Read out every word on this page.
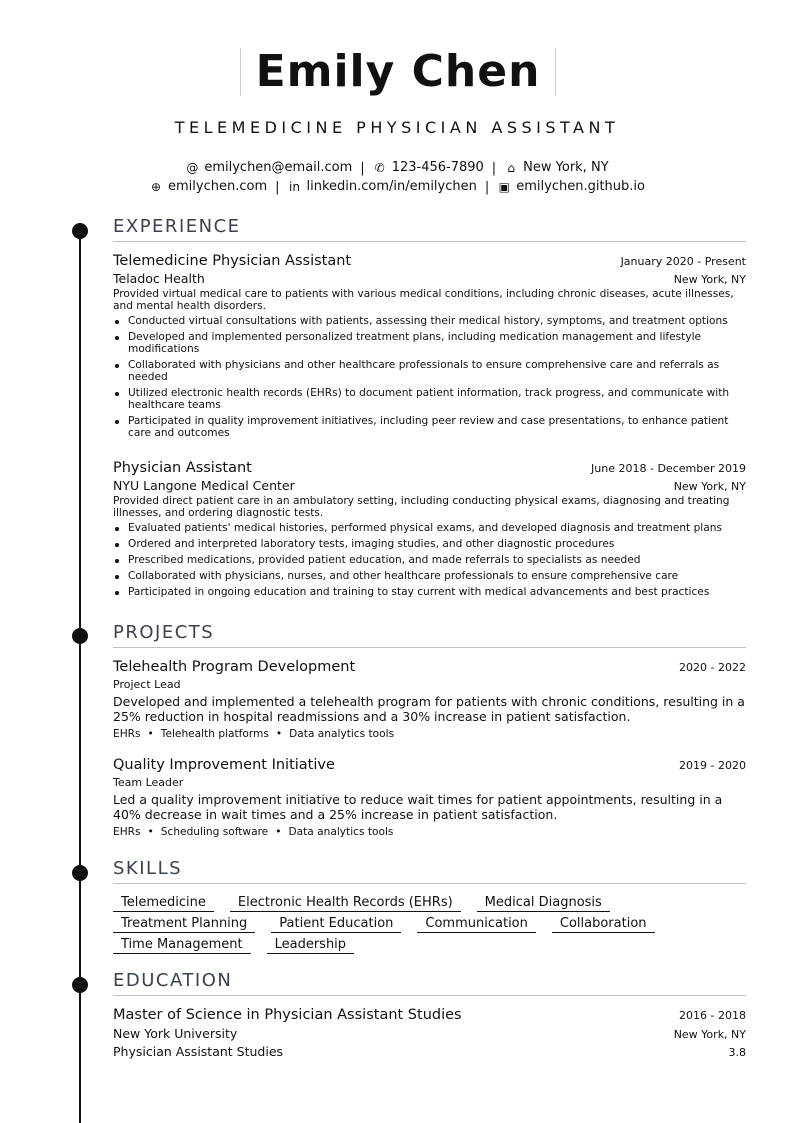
Emily Chen
TELEMEDICINE PHYSICIAN ASSISTANT
@ emilychen@email.com | ✆ 123-456-7890 | ⌂ New York, NY
⊕ emilychen.com | in linkedin.com/in/emilychen | ▣ emilychen.github.io
EXPERIENCE
Telemedicine Physician Assistant	January 2020 - Present
Teladoc Health	New York, NY
Provided virtual medical care to patients with various medical conditions, including chronic diseases, acute illnesses, and mental health disorders.
Conducted virtual consultations with patients, assessing their medical history, symptoms, and treatment options
Developed and implemented personalized treatment plans, including medication management and lifestyle modifications
Collaborated with physicians and other healthcare professionals to ensure comprehensive care and referrals as needed
Utilized electronic health records (EHRs) to document patient information, track progress, and communicate with healthcare teams
Participated in quality improvement initiatives, including peer review and case presentations, to enhance patient care and outcomes
Physician Assistant	June 2018 - December 2019
NYU Langone Medical Center	New York, NY
Provided direct patient care in an ambulatory setting, including conducting physical exams, diagnosing and treating illnesses, and ordering diagnostic tests.
Evaluated patients' medical histories, performed physical exams, and developed diagnosis and treatment plans
Ordered and interpreted laboratory tests, imaging studies, and other diagnostic procedures
Prescribed medications, provided patient education, and made referrals to specialists as needed
Collaborated with physicians, nurses, and other healthcare professionals to ensure comprehensive care
Participated in ongoing education and training to stay current with medical advancements and best practices
PROJECTS
Telehealth Program Development	2020 - 2022
Project Lead
Developed and implemented a telehealth program for patients with chronic conditions, resulting in a 25% reduction in hospital readmissions and a 30% increase in patient satisfaction.
EHRs • Telehealth platforms • Data analytics tools
Quality Improvement Initiative	2019 - 2020
Team Leader
Led a quality improvement initiative to reduce wait times for patient appointments, resulting in a 40% decrease in wait times and a 25% increase in patient satisfaction.
EHRs • Scheduling software • Data analytics tools
SKILLS
Telemedicine	Electronic Health Records (EHRs)	Medical Diagnosis
Treatment Planning	Patient Education	Communication	Collaboration
Time Management	Leadership
EDUCATION
Master of Science in Physician Assistant Studies	2016 - 2018
New York University	New York, NY
Physician Assistant Studies	3.8
